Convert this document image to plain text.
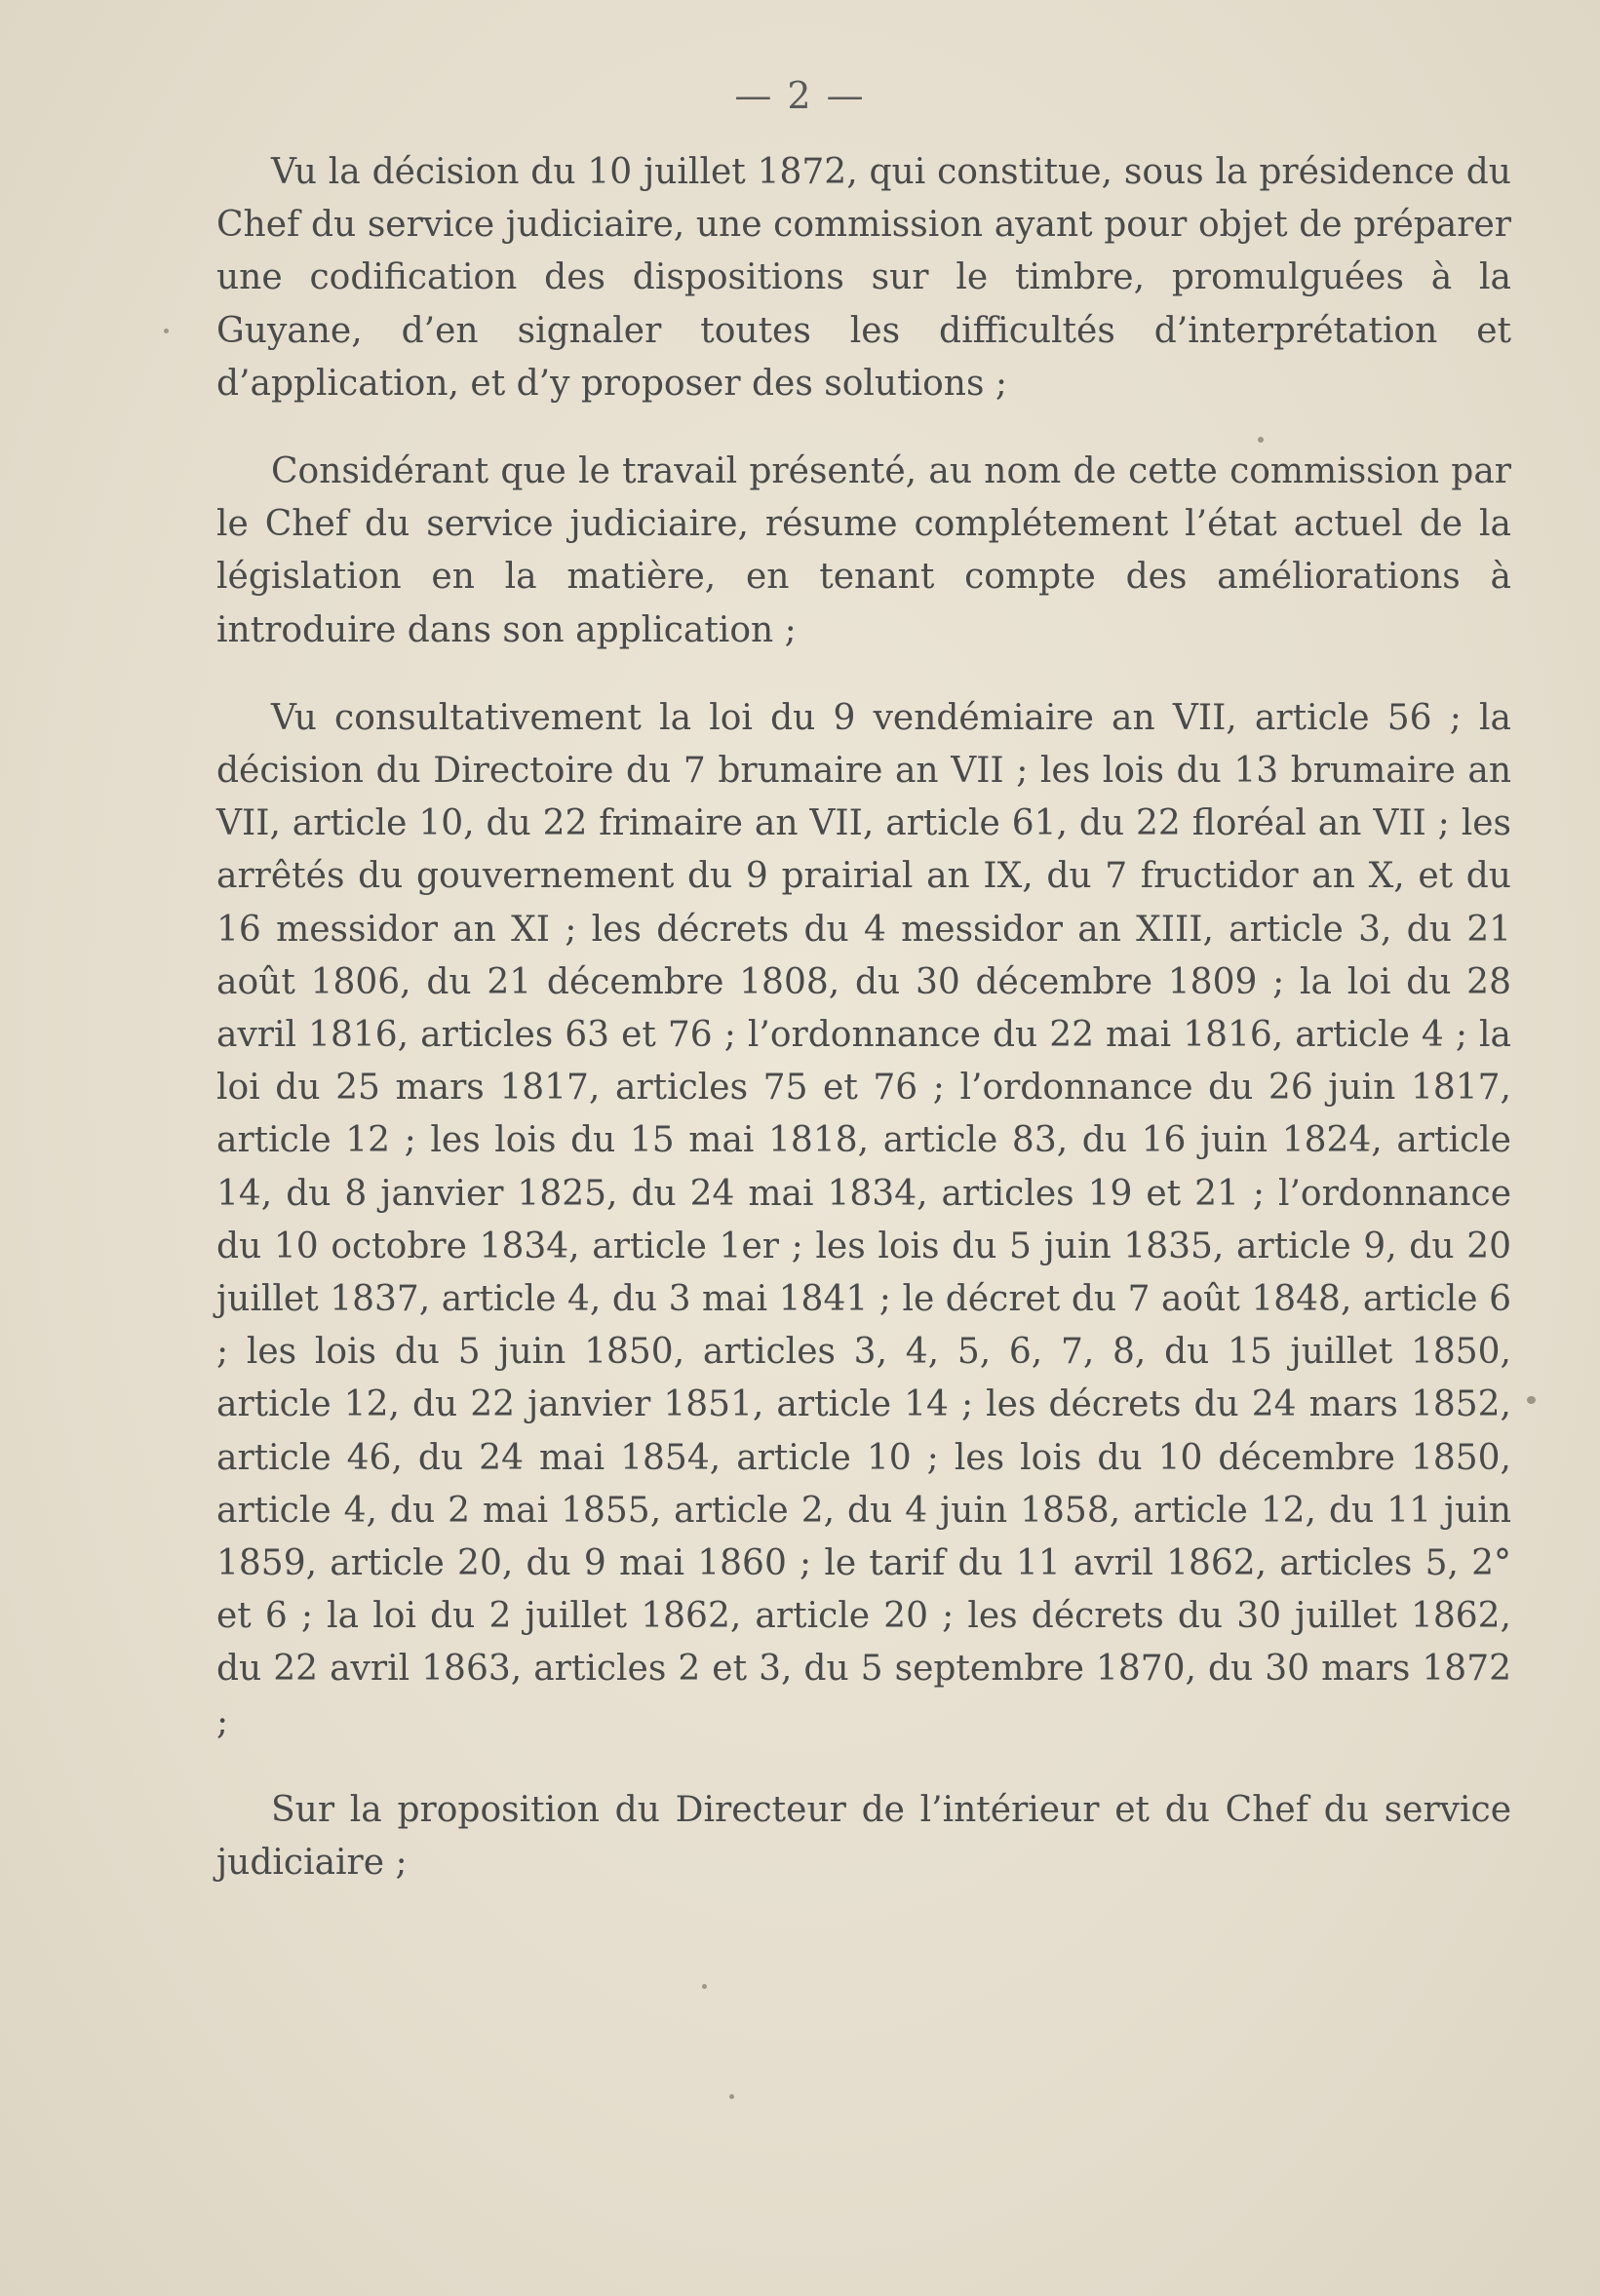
— 2 —

Vu la décision du 10 juillet 1872, qui constitue, sous la présidence du Chef du service judiciaire, une commission ayant pour objet de préparer une codification des dispositions sur le timbre, promulguées à la Guyane, d’en signaler toutes les difficultés d’interprétation et d’application, et d’y proposer des solutions ;

Considérant que le travail présenté, au nom de cette commission par le Chef du service judiciaire, résume complétement l’état actuel de la législation en la matière, en tenant compte des améliorations à introduire dans son application ;

Vu consultativement la loi du 9 vendémiaire an VII, article 56 ; la décision du Directoire du 7 brumaire an VII ; les lois du 13 brumaire an VII, article 10, du 22 frimaire an VII, article 61, du 22 floréal an VII ; les arrêtés du gouvernement du 9 prairial an IX, du 7 fructidor an X, et du 16 messidor an XI ; les décrets du 4 messidor an XIII, article 3, du 21 août 1806, du 21 décembre 1808, du 30 décembre 1809 ; la loi du 28 avril 1816, articles 63 et 76 ; l’ordonnance du 22 mai 1816, article 4 ; la loi du 25 mars 1817, articles 75 et 76 ; l’ordonnance du 26 juin 1817, article 12 ; les lois du 15 mai 1818, article 83, du 16 juin 1824, article 14, du 8 janvier 1825, du 24 mai 1834, articles 19 et 21 ; l’ordonnance du 10 octobre 1834, article 1er ; les lois du 5 juin 1835, article 9, du 20 juillet 1837, article 4, du 3 mai 1841 ; le décret du 7 août 1848, article 6 ; les lois du 5 juin 1850, articles 3, 4, 5, 6, 7, 8, du 15 juillet 1850, article 12, du 22 janvier 1851, article 14 ; les décrets du 24 mars 1852, article 46, du 24 mai 1854, article 10 ; les lois du 10 décembre 1850, article 4, du 2 mai 1855, article 2, du 4 juin 1858, article 12, du 11 juin 1859, article 20, du 9 mai 1860 ; le tarif du 11 avril 1862, articles 5, 2° et 6 ; la loi du 2 juillet 1862, article 20 ; les décrets du 30 juillet 1862, du 22 avril 1863, articles 2 et 3, du 5 septembre 1870, du 30 mars 1872 ;

Sur la proposition du Directeur de l’intérieur et du Chef du service judiciaire ;
